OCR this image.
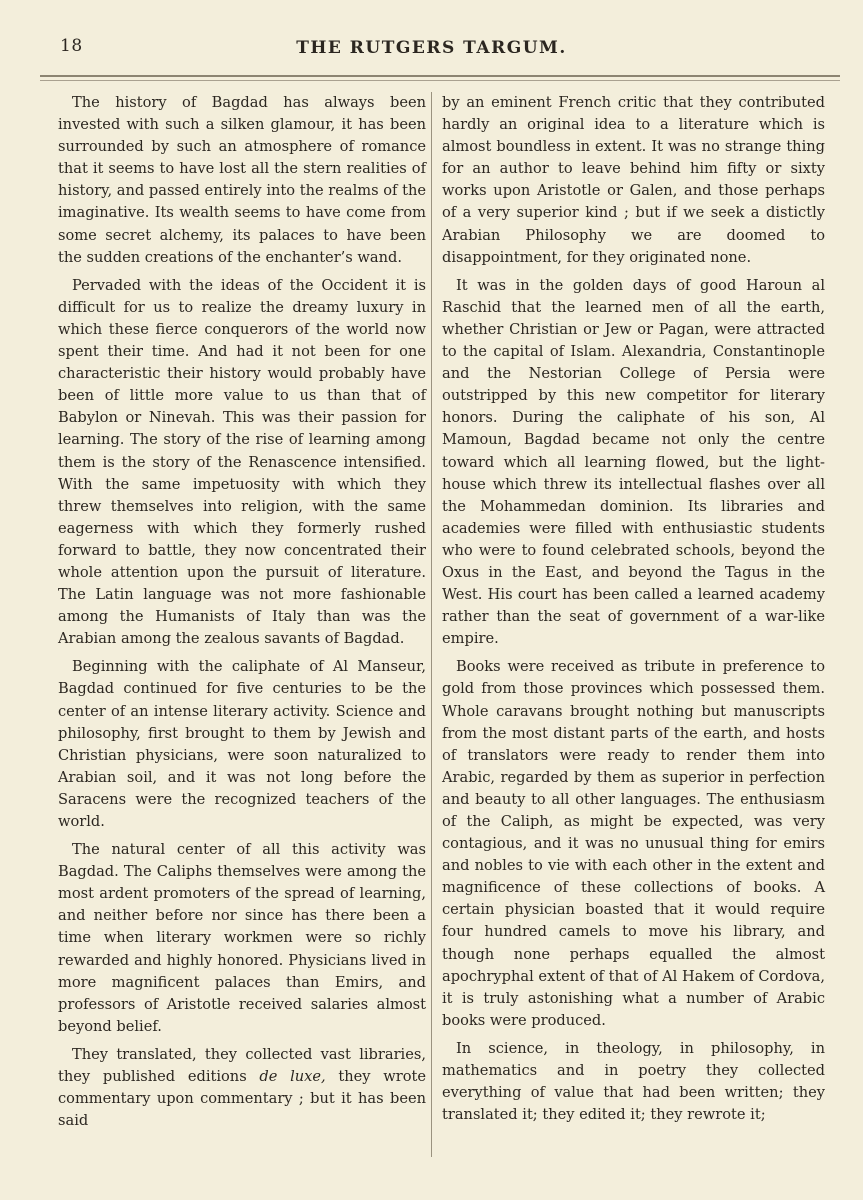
18	THE RUTGERS TARGUM.

The history of Bagdad has always been invested with such a silken glamour, it has been surrounded by such an atmosphere of romance that it seems to have lost all the stern realities of history, and passed entirely into the realms of the imaginative. Its wealth seems to have come from some secret alchemy, its palaces to have been the sudden creations of the enchanter’s wand.

Pervaded with the ideas of the Occident it is difficult for us to realize the dreamy luxury in which these fierce conquerors of the world now spent their time. And had it not been for one characteristic their history would probably have been of little more value to us than that of Babylon or Ninevah. This was their passion for learning. The story of the rise of learning among them is the story of the Renascence intensified. With the same impetuosity with which they threw themselves into religion, with the same eagerness with which they formerly rushed forward to battle, they now concentrated their whole attention upon the pursuit of literature. The Latin language was not more fashionable among the Humanists of Italy than was the Arabian among the zealous savants of Bagdad.

Beginning with the caliphate of Al Manseur, Bagdad continued for five centuries to be the center of an intense literary activity. Science and philosophy, first brought to them by Jewish and Christian physicians, were soon naturalized to Arabian soil, and it was not long before the Saracens were the recognized teachers of the world.

The natural center of all this activity was Bagdad. The Caliphs themselves were among the most ardent promoters of the spread of learning, and neither before nor since has there been a time when literary workmen were so richly rewarded and highly honored. Physicians lived in more magnificent palaces than Emirs, and professors of Aristotle received salaries almost beyond belief.

They translated, they collected vast libraries, they published editions de luxe, they wrote commentary upon commentary ; but it has been said

by an eminent French critic that they contributed hardly an original idea to a literature which is almost boundless in extent. It was no strange thing for an author to leave behind him fifty or sixty works upon Aristotle or Galen, and those perhaps of a very superior kind ; but if we seek a distictly Arabian Philosophy we are doomed to disappointment, for they originated none.

It was in the golden days of good Haroun al Raschid that the learned men of all the earth, whether Christian or Jew or Pagan, were attracted to the capital of Islam. Alexandria, Constantinople and the Nestorian College of Persia were outstripped by this new competitor for literary honors. During the caliphate of his son, Al Mamoun, Bagdad became not only the centre toward which all learning flowed, but the light-house which threw its intellectual flashes over all the Mohammedan dominion. Its libraries and academies were filled with enthusiastic students who were to found celebrated schools, beyond the Oxus in the East, and beyond the Tagus in the West. His court has been called a learned academy rather than the seat of government of a war-like empire.

Books were received as tribute in preference to gold from those provinces which possessed them. Whole caravans brought nothing but manuscripts from the most distant parts of the earth, and hosts of translators were ready to render them into Arabic, regarded by them as superior in perfection and beauty to all other languages. The enthusiasm of the Caliph, as might be expected, was very contagious, and it was no unusual thing for emirs and nobles to vie with each other in the extent and magnificence of these collections of books. A certain physician boasted that it would require four hundred camels to move his library, and though none perhaps equalled the almost apochryphal extent of that of Al Hakem of Cordova, it is truly astonishing what a number of Arabic books were produced.

In science, in theology, in philosophy, in mathematics and in poetry they collected everything of value that had been written; they translated it; they edited it; they rewrote it;
